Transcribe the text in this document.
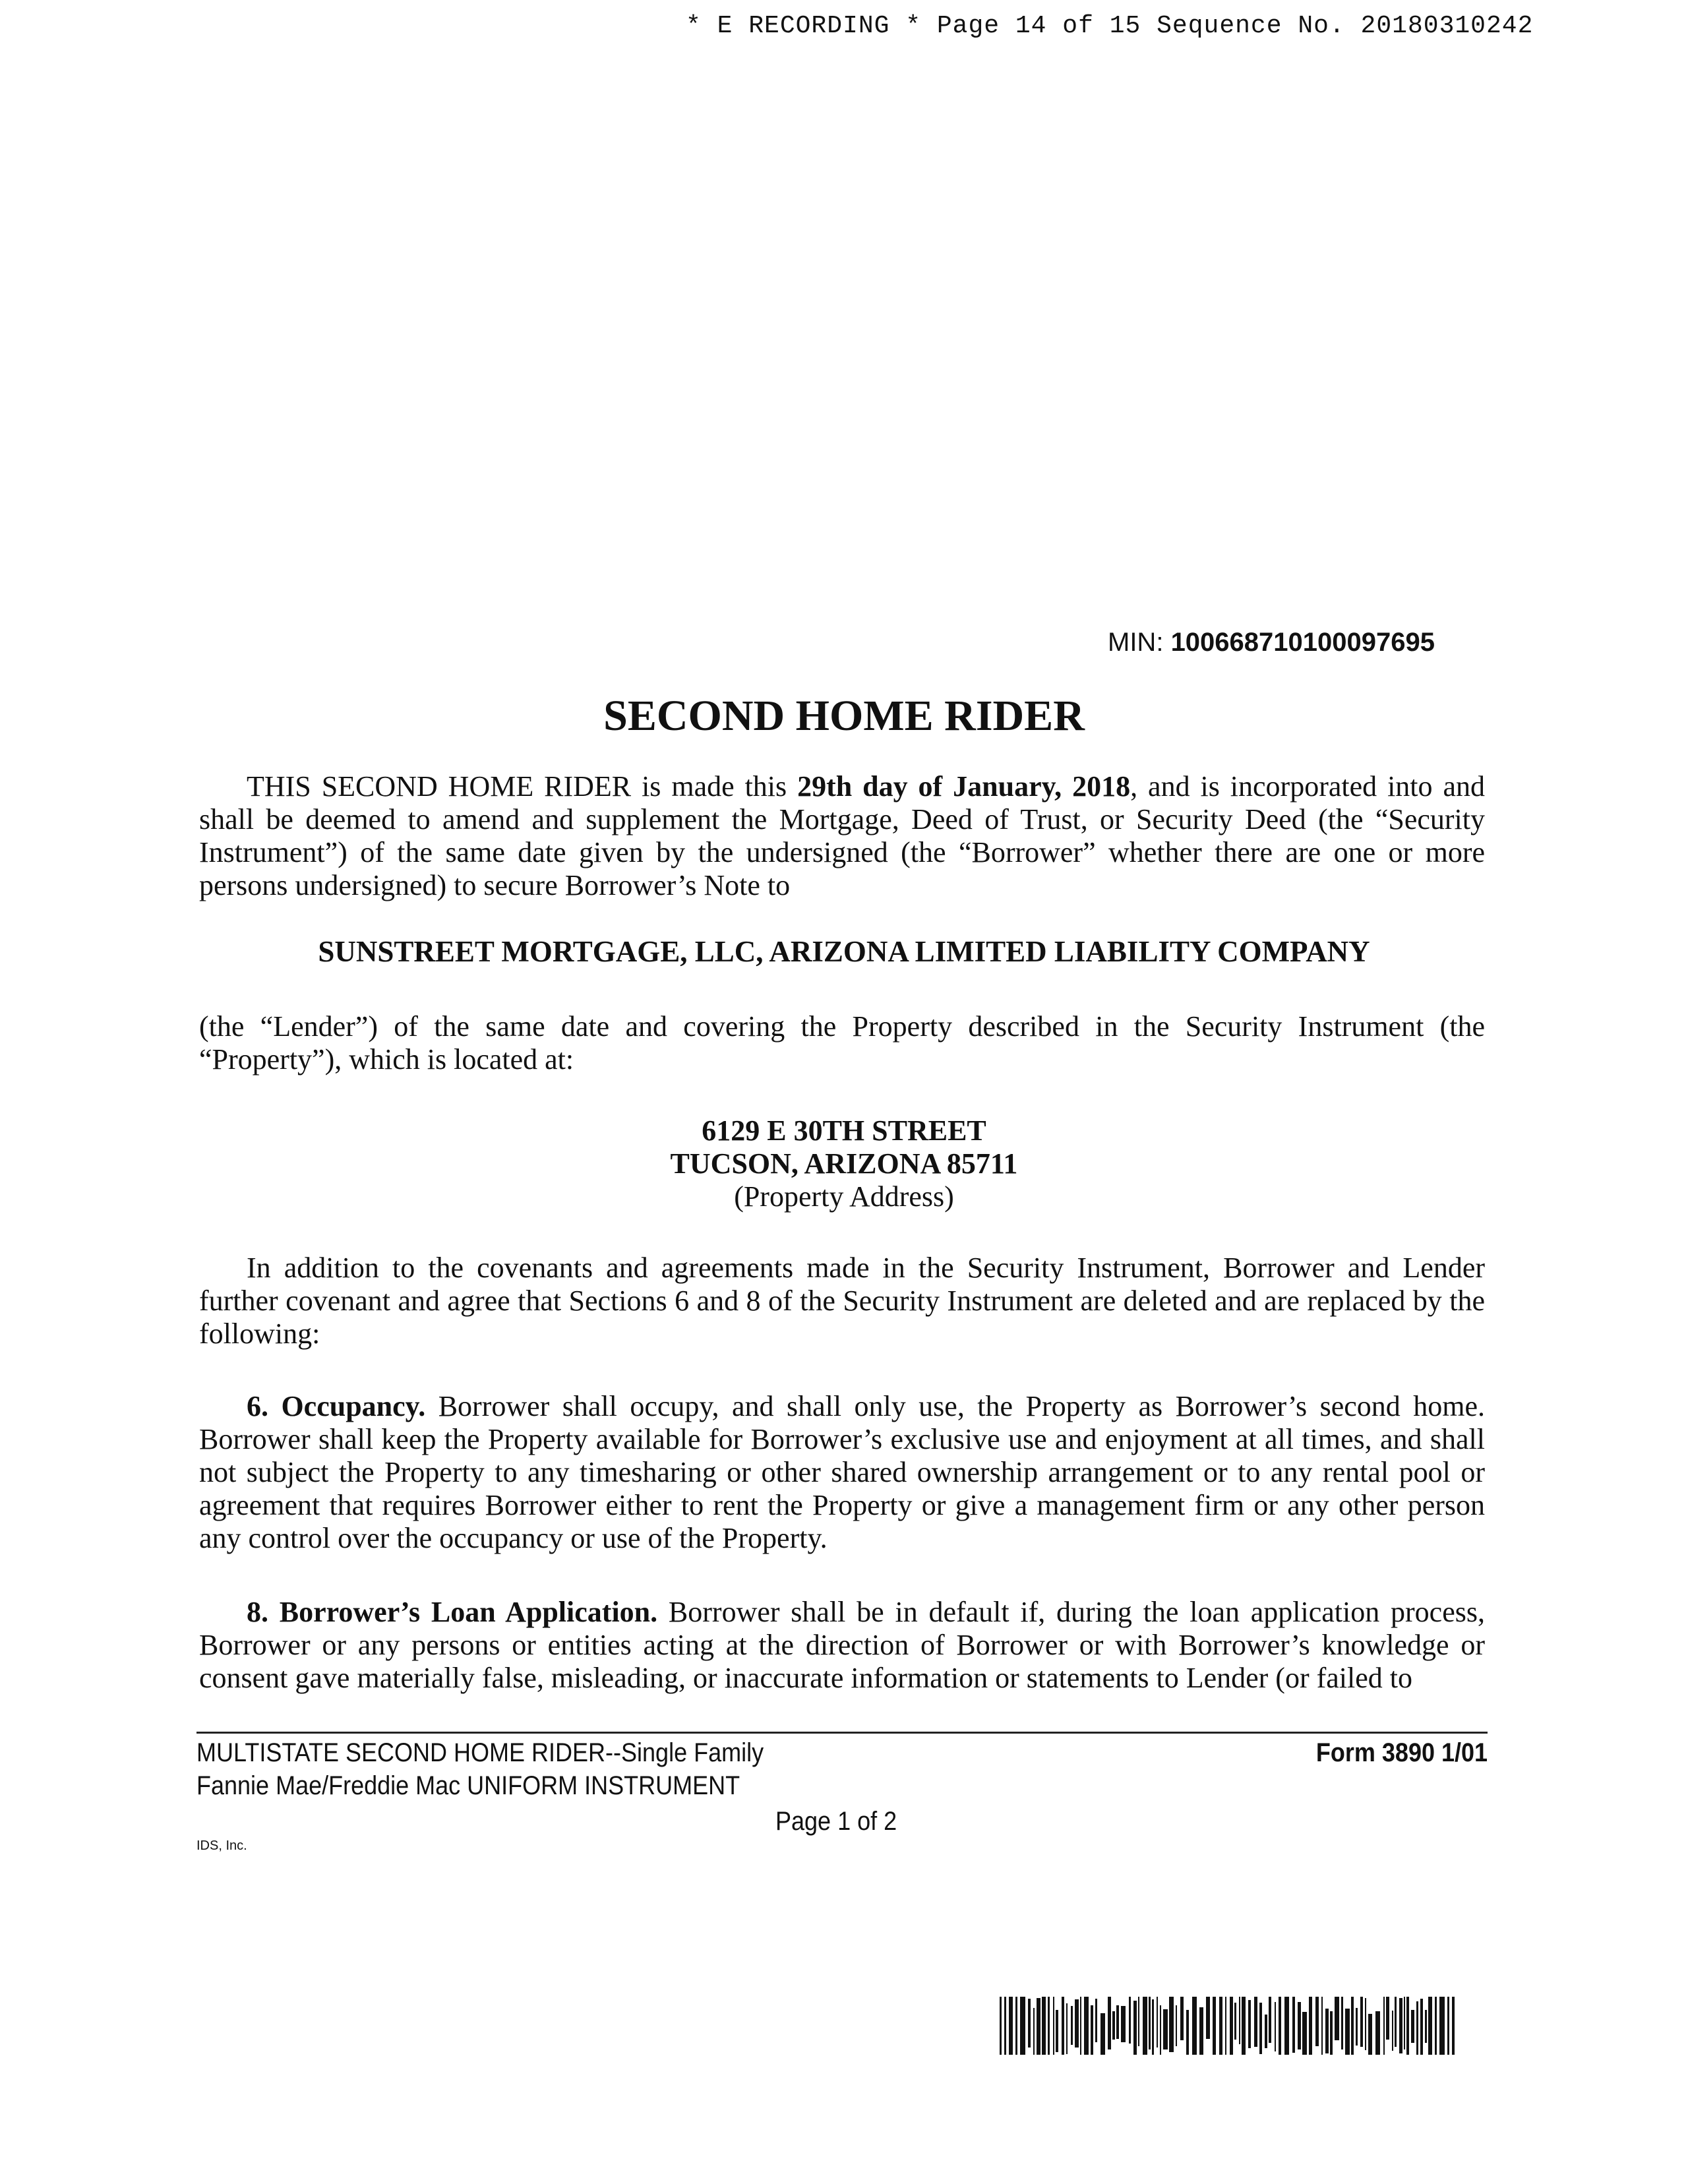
* E RECORDING * Page 14 of 15 Sequence No. 20180310242
MIN: 100668710100097695
SECOND HOME RIDER

THIS SECOND HOME RIDER is made this 29th day of January, 2018, and is incorporated into and shall be deemed to amend and supplement the Mortgage, Deed of Trust, or Security Deed (the “Security Instrument”) of the same date given by the undersigned (the “Borrower” whether there are one or more persons undersigned) to secure Borrower’s Note to

SUNSTREET MORTGAGE, LLC, ARIZONA LIMITED LIABILITY COMPANY

(the “Lender”) of the same date and covering the Property described in the Security Instrument (the “Property”), which is located at:

6129 E 30TH STREET
TUCSON, ARIZONA 85711
(Property Address)

In addition to the covenants and agreements made in the Security Instrument, Borrower and Lender further covenant and agree that Sections 6 and 8 of the Security Instrument are deleted and are replaced by the following:

6. Occupancy. Borrower shall occupy, and shall only use, the Property as Borrower’s second home. Borrower shall keep the Property available for Borrower’s exclusive use and enjoyment at all times, and shall not subject the Property to any timesharing or other shared ownership arrangement or to any rental pool or agreement that requires Borrower either to rent the Property or give a management firm or any other person any control over the occupancy or use of the Property.

8. Borrower’s Loan Application. Borrower shall be in default if, during the loan application process, Borrower or any persons or entities acting at the direction of Borrower or with Borrower’s knowledge or consent gave materially false, misleading, or inaccurate information or statements to Lender (or failed to

MULTISTATE SECOND HOME RIDER--Single Family	Form 3890 1/01
Fannie Mae/Freddie Mac UNIFORM INSTRUMENT
Page 1 of 2
IDS, Inc.
